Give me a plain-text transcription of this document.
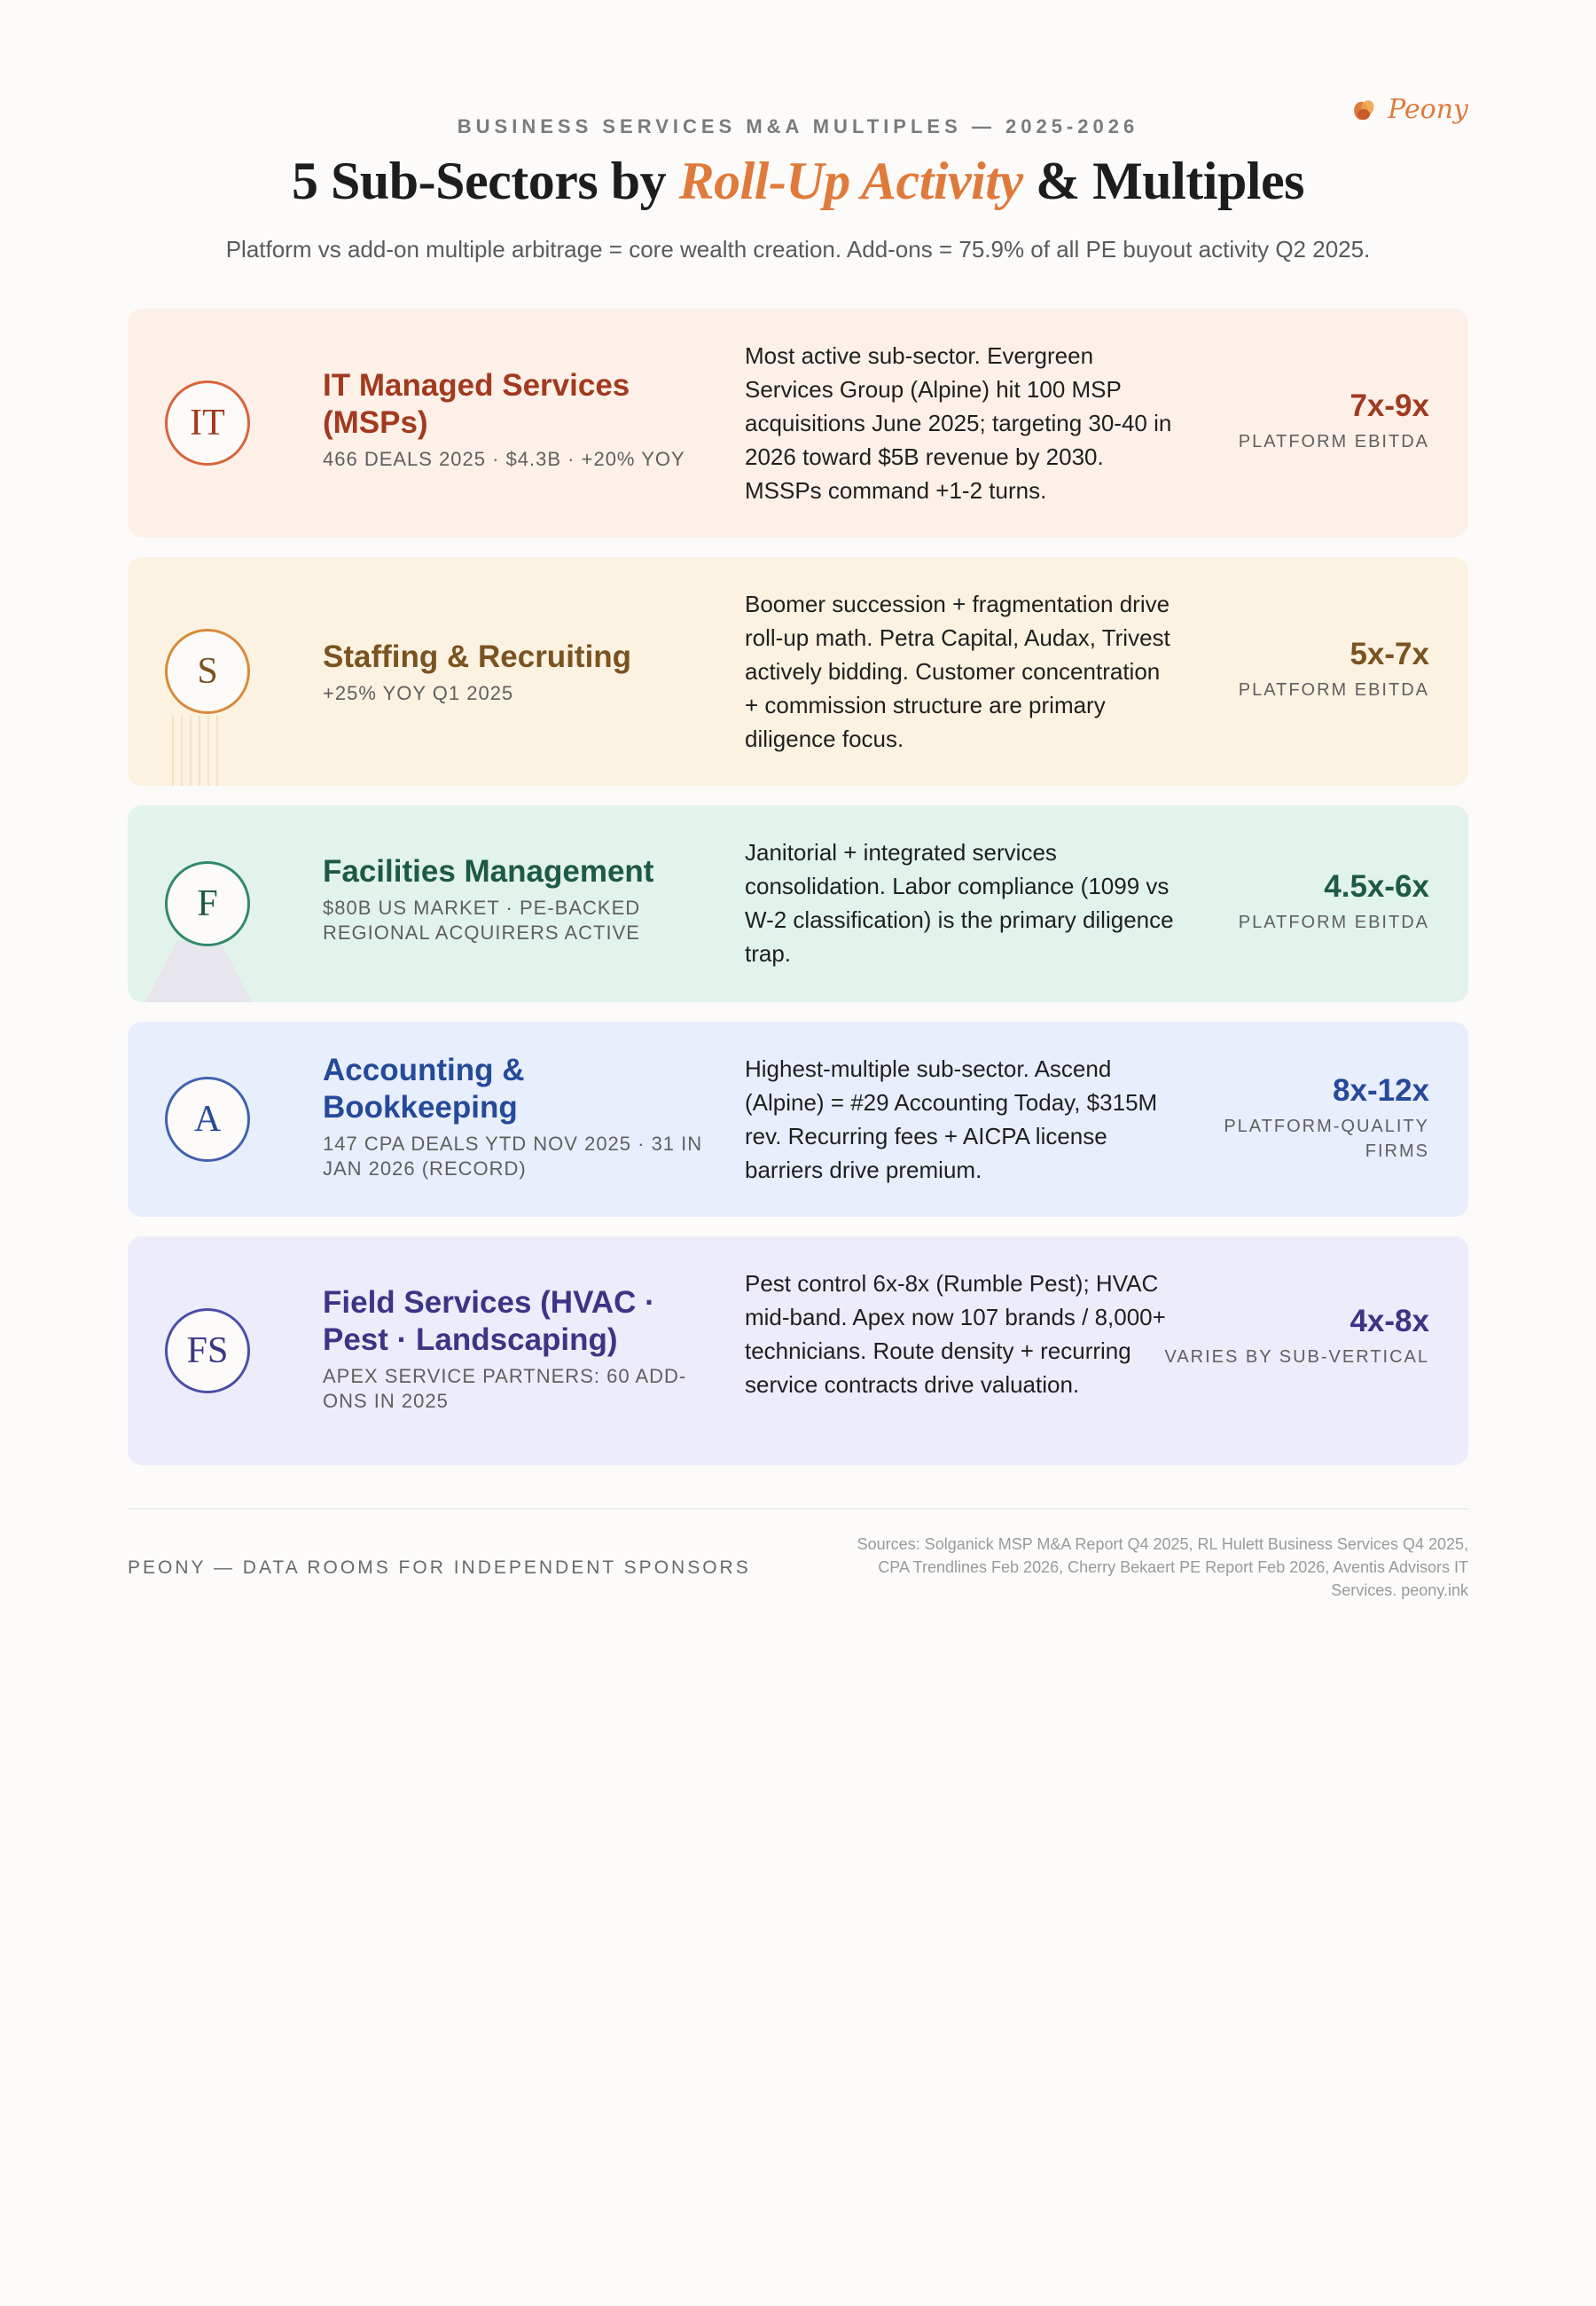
Peony
BUSINESS SERVICES M&A MULTIPLES — 2025-2026
5 Sub-Sectors by Roll-Up Activity & Multiples
Platform vs add-on multiple arbitrage = core wealth creation. Add-ons = 75.9% of all PE buyout activity Q2 2025.
IT
IT Managed Services (MSPs)
466 DEALS 2025 · $4.3B · +20% YOY
Most active sub-sector. Evergreen Services Group (Alpine) hit 100 MSP acquisitions June 2025; targeting 30-40 in 2026 toward $5B revenue by 2030. MSSPs command +1-2 turns.
7x-9x
PLATFORM EBITDA
S	Staffing & Recruiting
+25% YOY Q1 2025
Boomer succession + fragmentation drive roll-up math. Petra Capital, Audax, Trivest actively bidding. Customer concentration + commission structure are primary diligence focus.
5x-7x
PLATFORM EBITDA
F
Facilities Management
$80B US MARKET · PE-BACKED REGIONAL ACQUIRERS ACTIVE
Janitorial + integrated services consolidation. Labor compliance (1099 vs W-2 classification) is the primary diligence trap.
4.5x-6x
PLATFORM EBITDA
A
Accounting & Bookkeeping
147 CPA DEALS YTD NOV 2025 · 31 IN JAN 2026 (RECORD)
Highest-multiple sub-sector. Ascend (Alpine) = #29 Accounting Today, $315M rev. Recurring fees + AICPA license barriers drive premium.
8x-12x
PLATFORM-QUALITY FIRMS
FS
Field Services (HVAC · Pest · Landscaping)
APEX SERVICE PARTNERS: 60 ADD-ONS IN 2025
Pest control 6x-8x (Rumble Pest); HVAC mid-band. Apex now 107 brands / 8,000+ technicians. Route density + recurring service contracts drive valuation.
4x-8x
VARIES BY SUB-VERTICAL
PEONY — DATA ROOMS FOR INDEPENDENT SPONSORS
Sources: Solganick MSP M&A Report Q4 2025, RL Hulett Business Services Q4 2025, CPA Trendlines Feb 2026, Cherry Bekaert PE Report Feb 2026, Aventis Advisors IT Services. peony.ink
